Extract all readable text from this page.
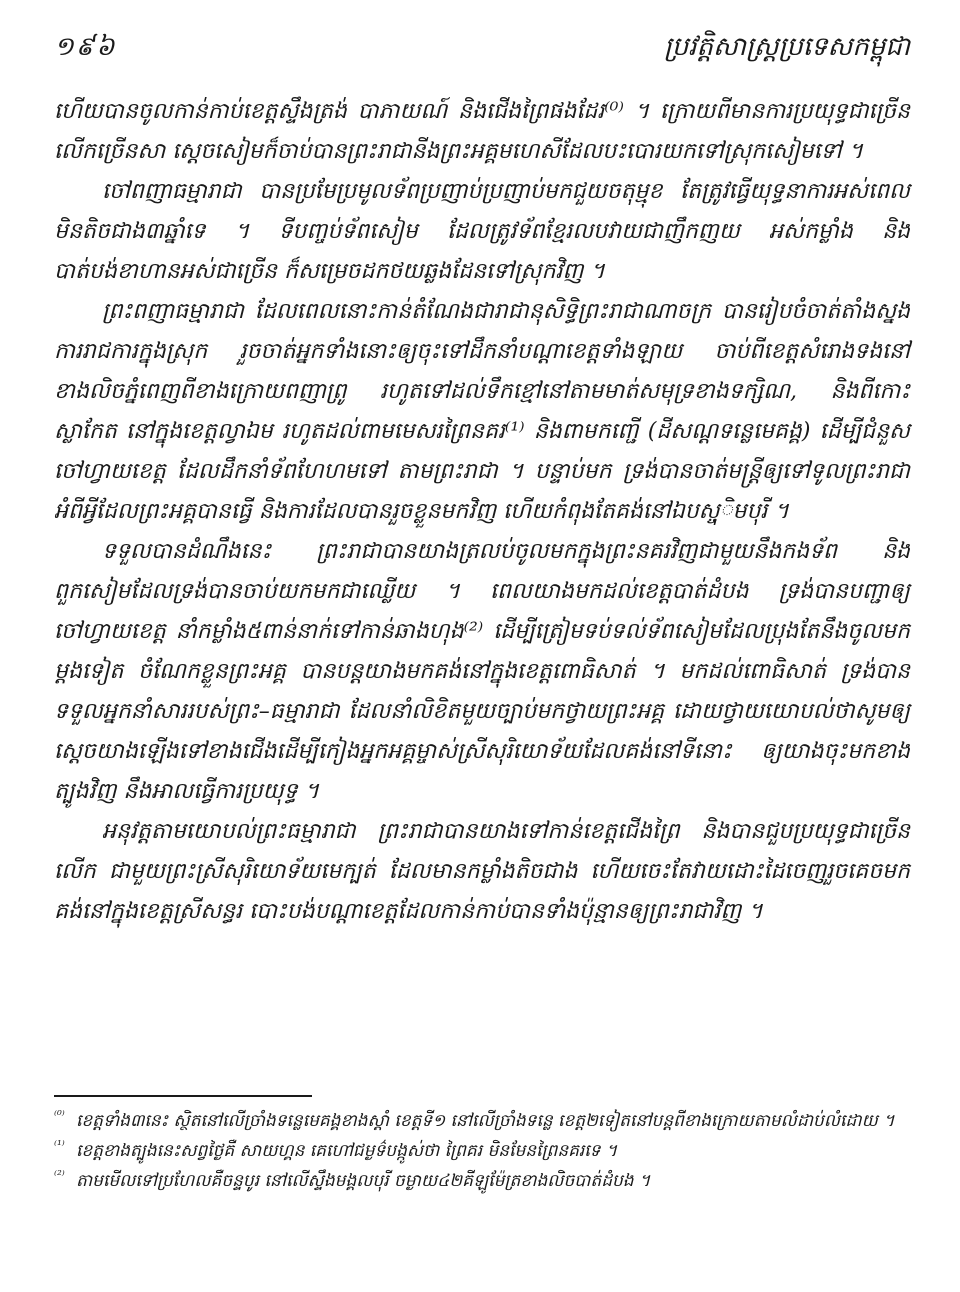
១៩៦	ប្រវត្តិសាស្ត្រប្រទេសកម្ពុជា

ហើយបានចូលកាន់កាប់ខេត្តស្ទឹងត្រង់ បាភាយណ៍ និងជើងព្រៃផងដែរ⁽⁰⁾ ។ ក្រោយពីមានការប្រយុទ្ធជាច្រើនលើកច្រើនសា ស្តេចសៀមក៏ចាប់បានព្រះរាជានីងព្រះអគ្គមហេសីដែលបះបោរយកទៅស្រុកសៀមទៅ ។

ចៅពញាធម្មារាជា បានប្រមែប្រមូលទ័ពប្រញាប់ប្រញាប់មកជួយចតុម្មុខ តែត្រូវធ្វើយុទ្ធនាការអស់ពេលមិនតិចជាង៣ឆ្នាំទេ ។ ទីបញ្ចប់ទ័ពសៀម ដែលត្រូវទ័ពខ្មែរលបវាយជាញឹកញយ អស់កម្លាំង និងបាត់បង់ខាហានអស់ជាច្រើន ក៏សម្រេចដកថយឆ្លងដែនទៅស្រុកវិញ ។

ព្រះពញាធម្មារាជា ដែលពេលនោះកាន់តំណែងជារាជានុសិទ្ធិព្រះរាជាណាចក្រ បានរៀបចំចាត់តាំងស្នងការរាជការក្នុងស្រុក រួចចាត់អ្នកទាំងនោះឲ្យចុះទៅដឹកនាំបណ្តាខេត្តទាំងឡាយ ចាប់ពីខេត្តសំរោងទងនៅខាងលិចភ្នំពេញពីខាងក្រោយពញាព្រូ រហូតទៅដល់ទឹកខ្មៅនៅតាមមាត់សមុទ្រខាងទក្សិណ, និងពីកោះស្លាកែត នៅក្នុងខេត្តល្វាឯម រហូតដល់ពាមមេសរព្រៃនគរ⁽¹⁾ និងពាមកញ្ជើ (ដីសណ្តទន្លេមេគង្គ) ដើម្បីជំនួសចៅហ្វាយខេត្ត ដែលដឹកនាំទ័ពហែហមទៅ តាមព្រះរាជា ។ បន្ទាប់មក ទ្រង់បានចាត់មន្ត្រីឲ្យទៅទូលព្រះរាជាអំពីអ្វីដែលព្រះអគ្គបានធ្វើ និងការដែលបានរួចខ្លួនមកវិញ ហើយកំពុងតែគង់នៅឯបសុ្ចិមបុរី ។

ទទួលបានដំណឹងនេះ ព្រះរាជាបានយាងត្រលប់ចូលមកក្នុងព្រះនគរវិញជាមួយនឹងកងទ័ព និងពួកសៀមដែលទ្រង់បានចាប់យកមកជាឈ្លើយ ។ ពេលយាងមកដល់ខេត្តបាត់ដំបង ទ្រង់បានបញ្ជាឲ្យចៅហ្វាយខេត្ត នាំកម្លាំង៥ពាន់នាក់ទៅកាន់ឆាងហុង⁽²⁾ ដើម្បីត្រៀមទប់ទល់ទ័ពសៀមដែលប្រុងតែនឹងចូលមកម្តងទៀត ចំណែកខ្លួនព្រះអគ្គ បានបន្តយាងមកគង់នៅក្នុងខេត្តពោធិសាត់ ។ មកដល់ពោធិសាត់ ទ្រង់បានទទួលអ្នកនាំសាររបស់ព្រះ–ធម្មារាជា ដែលនាំលិខិតមួយច្បាប់មកថ្វាយព្រះអគ្គ ដោយថ្វាយយោបល់ថាសូមឲ្យស្តេចយាងឡើងទៅខាងជើងដើម្បីកៀងអ្នកអគ្គម្ចាស់ស្រីសុរិយោទ័យដែលគង់នៅទីនោះ ឲ្យយាងចុះមកខាងត្បូងវិញ នឹងអាលធ្វើការប្រយុទ្ធ ។

អនុវត្តតាមយោបល់ព្រះធម្មារាជា ព្រះរាជាបានយាងទៅកាន់ខេត្តជើងព្រៃ និងបានជួបប្រយុទ្ធជាច្រើនលើក ជាមួយព្រះស្រីសុរិយោទ័យមេក្បត់ ដែលមានកម្លាំងតិចជាង ហើយចេះតែវាយដោះដៃចេញរួចគេចមកគង់នៅក្នុងខេត្តស្រីសន្ធរ បោះបង់បណ្តាខេត្តដែលកាន់កាប់បានទាំងប៉ុន្មានឲ្យព្រះរាជាវិញ ។

⁽⁰⁾ ខេត្តទាំង៣នេះ ស្ថិតនៅលើច្រាំងទន្លេមេគង្គខាងស្តាំ ខេត្តទី១ នៅលើច្រាំងទន្លេ ខេត្ត២ទៀតនៅបន្តពីខាងក្រោយតាមលំដាប់លំដោយ ។
⁽¹⁾ ខេត្តខាងត្បូងនេះសព្វថ្ងៃគឺ សាយហ្គន គេហៅជម្ងទ៌បង្កូស់ថា ព្រៃគរ មិនមែនព្រៃនគរទេ ។
⁽²⁾ តាមមើលទៅប្រហែលគឺចន្ទបូរ នៅលើស្ទឹងមង្គលបុរី ចម្ងាយ៤២គីឡូម៉ែត្រខាងលិចបាត់ដំបង ។
